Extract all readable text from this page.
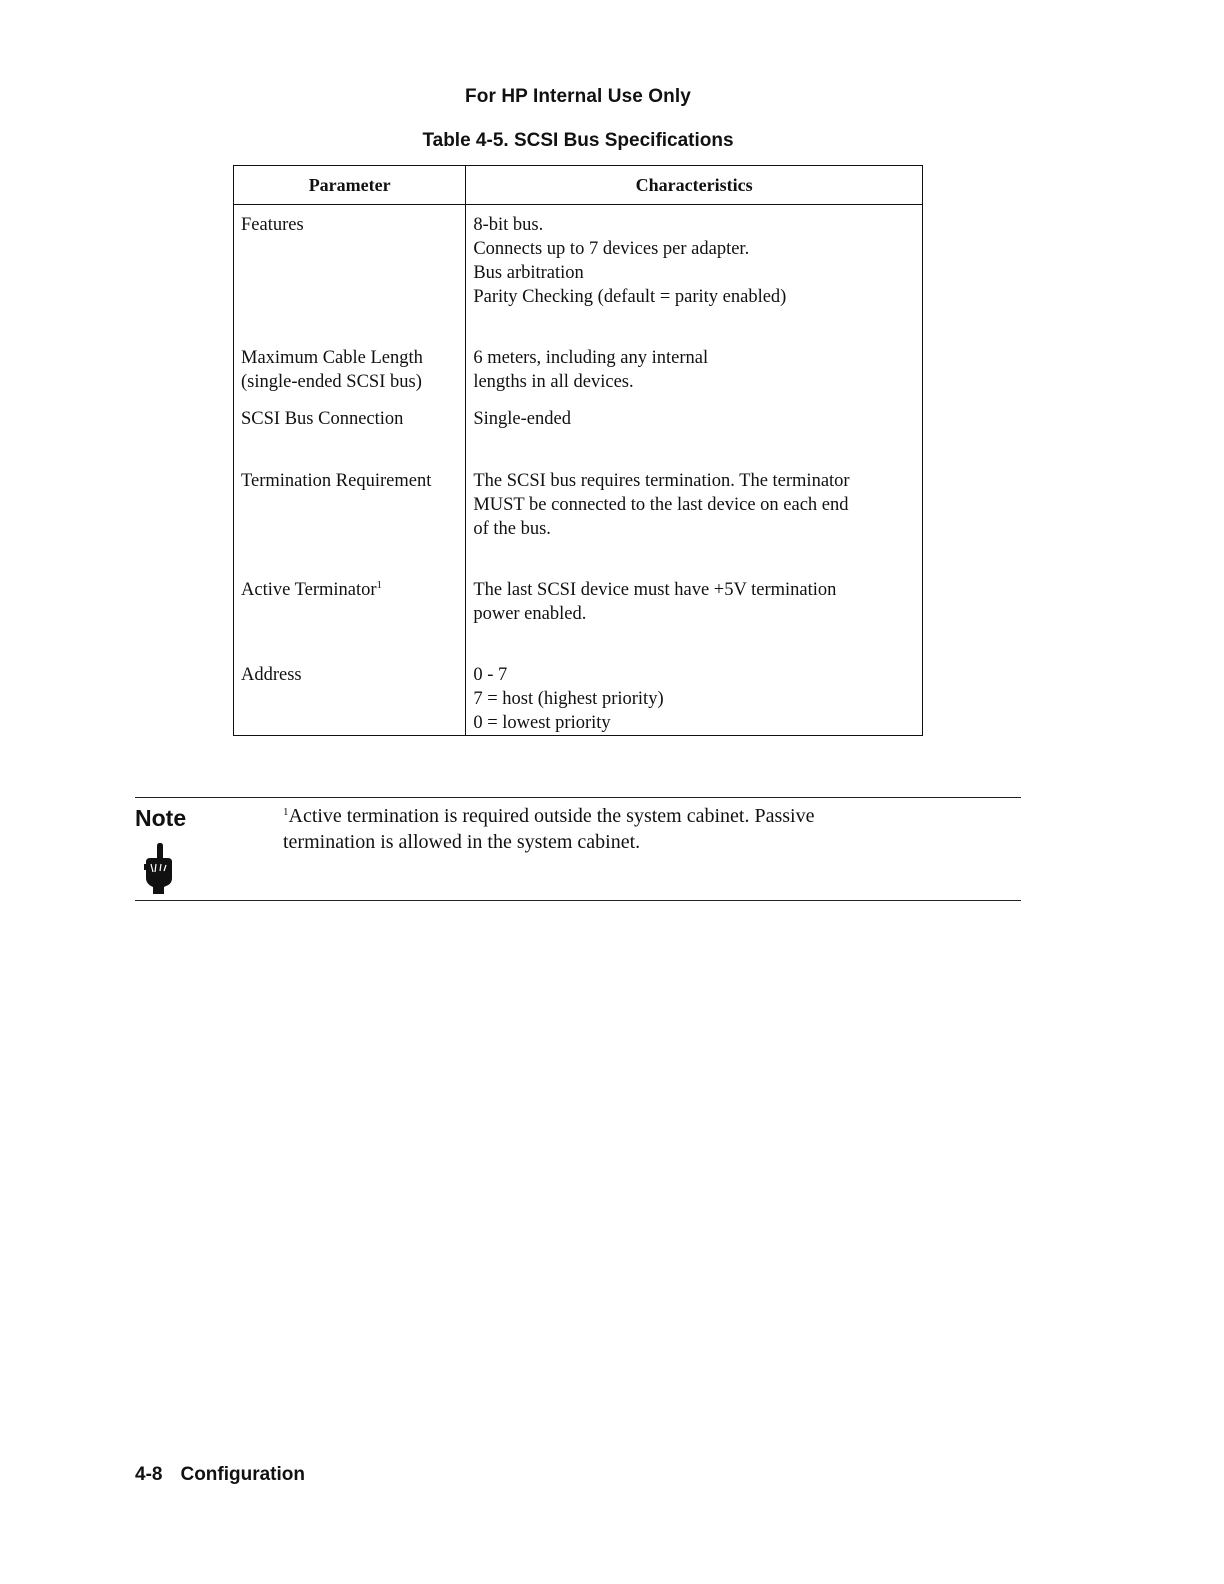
For HP Internal Use Only
Table 4-5. SCSI Bus Specifications
Parameter	Characteristics

Features	8-bit bus.
Connects up to 7 devices per adapter.
Bus arbitration
Parity Checking (default = parity enabled)

Maximum Cable Length
(single-ended SCSI bus)	6 meters, including any internal
lengths in all devices.

SCSI Bus Connection	Single-ended

Termination Requirement	The SCSI bus requires termination. The terminator
MUST be connected to the last device on each end
of the bus.

Active Terminator$^1$	The last SCSI device must have +5V termination
power enabled.

Address	0 - 7
7 = host (highest priority)
0 = lowest priority
Note	$^1$Active termination is required outside the system cabinet. Passive
termination is allowed in the system cabinet.
4-8 Configuration
